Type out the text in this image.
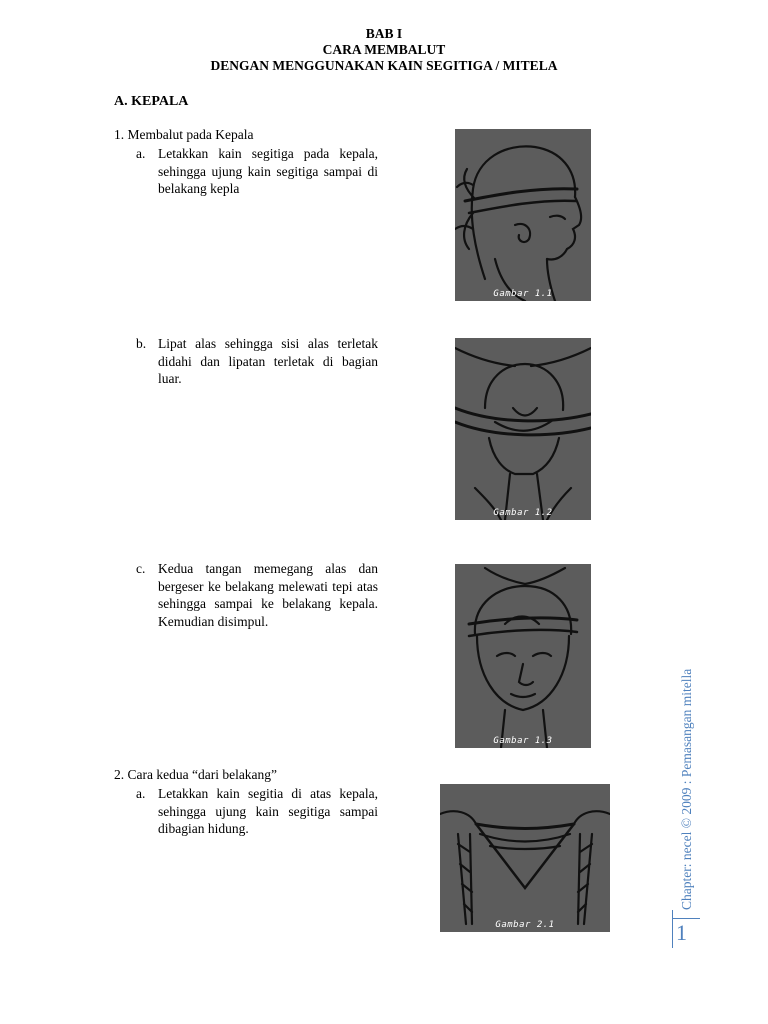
BAB I
CARA MEMBALUT
DENGAN MENGGUNAKAN KAIN SEGITIGA / MITELA
A. KEPALA
1. Membalut pada Kepala
a. Letakkan kain segitiga pada kepala, sehingga ujung kain segitiga sampai di belakang kepla
b. Lipat alas sehingga sisi alas terletak didahi dan lipatan terletak di bagian luar.
c. Kedua tangan memegang alas dan bergeser ke belakang melewati tepi atas sehingga sampai ke belakang kepala. Kemudian disimpul.
2. Cara kedua “dari belakang”
a. Letakkan kain segitia di atas kepala, sehingga ujung kain segitiga sampai dibagian hidung.
Gambar 1.1
Gambar 1.2
Gambar 1.3
Gambar 2.1
Chapter: necel © 2009 : Pemasangan mitella
1
